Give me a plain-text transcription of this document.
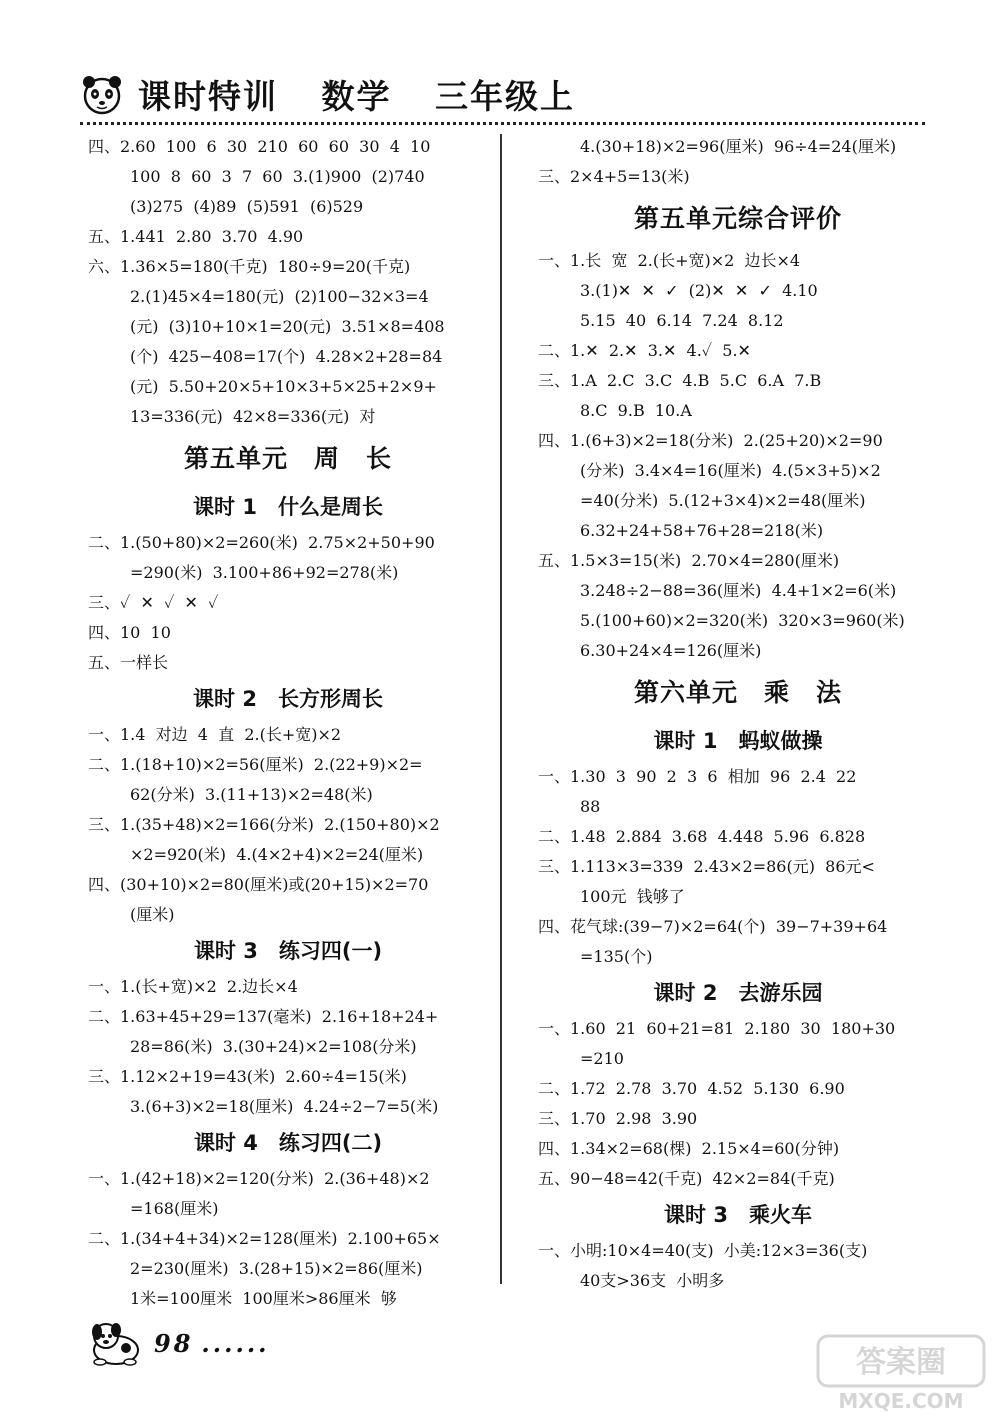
课时特训 数学 三年级上
四、2.60  100  6  30  210  60  60  30  4  10
100  8  60  3  7  60  3.(1)900  (2)740
(3)275  (4)89  (5)591  (6)529
五、1.441  2.80  3.70  4.90
六、1.36×5=180(千克)  180÷9=20(千克)
2.(1)45×4=180(元)  (2)100−32×3=4
(元)  (3)10+10×1=20(元)  3.51×8=408
(个)  425−408=17(个)  4.28×2+28=84
(元)  5.50+20×5+10×3+5×25+2×9+
13=336(元)  42×8=336(元)  对
第五单元　周　长
课时 1　什么是周长
二、1.(50+80)×2=260(米)  2.75×2+50+90
=290(米)  3.100+86+92=278(米)
三、✓  ✕  ✓  ✕  ✓
四、10  10
五、一样长
课时 2　长方形周长
一、1.4  对边  4  直  2.(长+宽)×2
二、1.(18+10)×2=56(厘米)  2.(22+9)×2=
62(分米)  3.(11+13)×2=48(米)
三、1.(35+48)×2=166(分米)  2.(150+80)×2
×2=920(米)  4.(4×2+4)×2=24(厘米)
四、(30+10)×2=80(厘米)或(20+15)×2=70
(厘米)
课时 3　练习四(一)
一、1.(长+宽)×2  2.边长×4
二、1.63+45+29=137(毫米)  2.16+18+24+
28=86(米)  3.(30+24)×2=108(分米)
三、1.12×2+19=43(米)  2.60÷4=15(米)
3.(6+3)×2=18(厘米)  4.24÷2−7=5(米)
课时 4　练习四(二)
一、1.(42+18)×2=120(分米)  2.(36+48)×2
=168(厘米)
二、1.(34+4+34)×2=128(厘米)  2.100+65×
2=230(厘米)  3.(28+15)×2=86(厘米)
1米=100厘米  100厘米>86厘米  够
4.(30+18)×2=96(厘米)  96÷4=24(厘米)
三、2×4+5=13(米)
第五单元综合评价
一、1.长  宽  2.(长+宽)×2  边长×4
3.(1)✕  ✕  ✓  (2)✕  ✕  ✓  4.10
5.15  40  6.14  7.24  8.12
二、1.✕  2.✕  3.✕  4.✓  5.✕
三、1.A  2.C  3.C  4.B  5.C  6.A  7.B
8.C  9.B  10.A
四、1.(6+3)×2=18(分米)  2.(25+20)×2=90
(分米)  3.4×4=16(厘米)  4.(5×3+5)×2
=40(分米)  5.(12+3×4)×2=48(厘米)
6.32+24+58+76+28=218(米)
五、1.5×3=15(米)  2.70×4=280(厘米)
3.248÷2−88=36(厘米)  4.4+1×2=6(米)
5.(100+60)×2=320(米)  320×3=960(米)
6.30+24×4=126(厘米)
第六单元　乘　法
课时 1　蚂蚁做操
一、1.30  3  90  2  3  6  相加  96  2.4  22
88
二、1.48  2.884  3.68  4.448  5.96  6.828
三、1.113×3=339  2.43×2=86(元)  86元<
100元  钱够了
四、花气球:(39−7)×2=64(个)  39−7+39+64
=135(个)
课时 2　去游乐园
一、1.60  21  60+21=81  2.180  30  180+30
=210
二、1.72  2.78  3.70  4.52  5.130  6.90
三、1.70  2.98  3.90
四、1.34×2=68(棵)  2.15×4=60(分钟)
五、90−48=42(千克)  42×2=84(千克)
课时 3　乘火车
一、小明:10×4=40(支)  小美:12×3=36(支)
40支>36支  小明多
98 ......
答案圈
MXQE.COM
